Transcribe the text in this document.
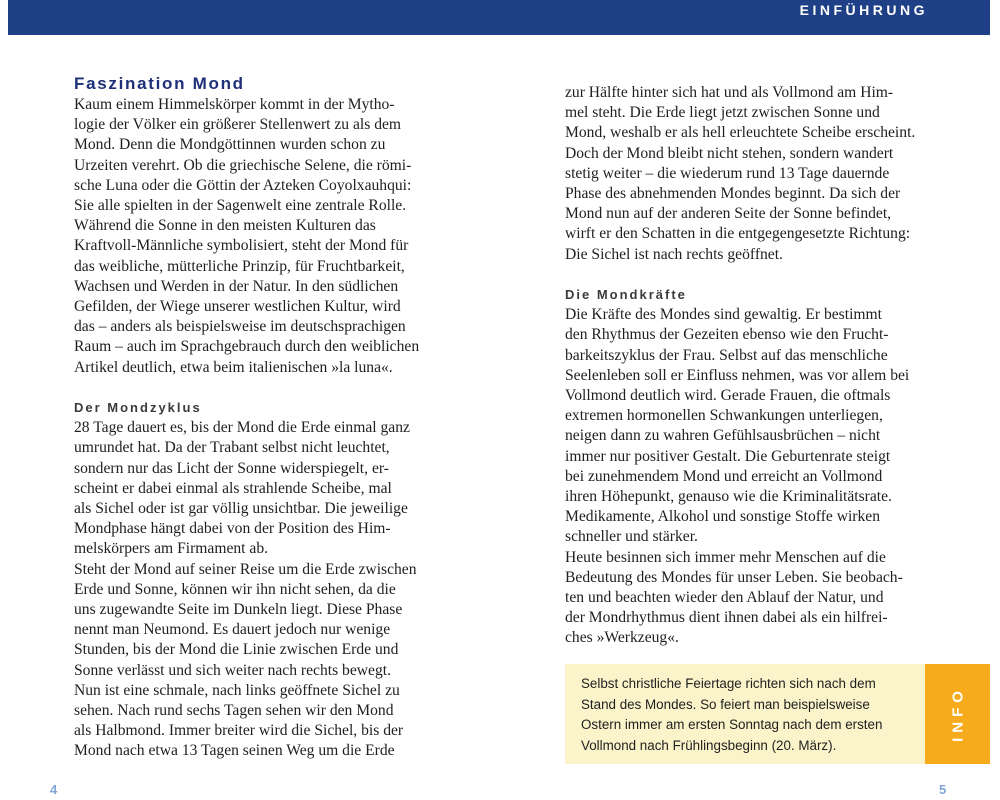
EINFÜHRUNG
Faszination Mond

Kaum einem Himmelskörper kommt in der Mytho-
logie der Völker ein größerer Stellenwert zu als dem
Mond. Denn die Mondgöttinnen wurden schon zu
Urzeiten verehrt. Ob die griechische Selene, die römi-
sche Luna oder die Göttin der Azteken Coyolxauhqui:
Sie alle spielten in der Sagenwelt eine zentrale Rolle.
Während die Sonne in den meisten Kulturen das
Kraftvoll-Männliche symbolisiert, steht der Mond für
das weibliche, mütterliche Prinzip, für Fruchtbarkeit,
Wachsen und Werden in der Natur. In den südlichen
Gefilden, der Wiege unserer westlichen Kultur, wird
das – anders als beispielsweise im deutschsprachigen
Raum – auch im Sprachgebrauch durch den weiblichen
Artikel deutlich, etwa beim italienischen »la luna«.

Der Mondzyklus

28 Tage dauert es, bis der Mond die Erde einmal ganz
umrundet hat. Da der Trabant selbst nicht leuchtet,
sondern nur das Licht der Sonne widerspiegelt, er-
scheint er dabei einmal als strahlende Scheibe, mal
als Sichel oder ist gar völlig unsichtbar. Die jeweilige
Mondphase hängt dabei von der Position des Him-
melskörpers am Firmament ab.
Steht der Mond auf seiner Reise um die Erde zwischen
Erde und Sonne, können wir ihn nicht sehen, da die
uns zugewandte Seite im Dunkeln liegt. Diese Phase
nennt man Neumond. Es dauert jedoch nur wenige
Stunden, bis der Mond die Linie zwischen Erde und
Sonne verlässt und sich weiter nach rechts bewegt.
Nun ist eine schmale, nach links geöffnete Sichel zu
sehen. Nach rund sechs Tagen sehen wir den Mond
als Halbmond. Immer breiter wird die Sichel, bis der
Mond nach etwa 13 Tagen seinen Weg um die Erde

zur Hälfte hinter sich hat und als Vollmond am Him-
mel steht. Die Erde liegt jetzt zwischen Sonne und
Mond, weshalb er als hell erleuchtete Scheibe erscheint.
Doch der Mond bleibt nicht stehen, sondern wandert
stetig weiter – die wiederum rund 13 Tage dauernde
Phase des abnehmenden Mondes beginnt. Da sich der
Mond nun auf der anderen Seite der Sonne befindet,
wirft er den Schatten in die entgegengesetzte Richtung:
Die Sichel ist nach rechts geöffnet.

Die Mondkräfte

Die Kräfte des Mondes sind gewaltig. Er bestimmt
den Rhythmus der Gezeiten ebenso wie den Frucht-
barkeitszyklus der Frau. Selbst auf das menschliche
Seelenleben soll er Einfluss nehmen, was vor allem bei
Vollmond deutlich wird. Gerade Frauen, die oftmals
extremen hormonellen Schwankungen unterliegen,
neigen dann zu wahren Gefühlsausbrüchen – nicht
immer nur positiver Gestalt. Die Geburtenrate steigt
bei zunehmendem Mond und erreicht an Vollmond
ihren Höhepunkt, genauso wie die Kriminalitätsrate.
Medikamente, Alkohol und sonstige Stoffe wirken
schneller und stärker.
Heute besinnen sich immer mehr Menschen auf die
Bedeutung des Mondes für unser Leben. Sie beobach-
ten und beachten wieder den Ablauf der Natur, und
der Mondrhythmus dient ihnen dabei als ein hilfrei-
ches »Werkzeug«.

Selbst christliche Feiertage richten sich nach dem
Stand des Mondes. So feiert man beispielsweise
Ostern immer am ersten Sonntag nach dem ersten
Vollmond nach Frühlingsbeginn (20. März).
INFO
4	5
